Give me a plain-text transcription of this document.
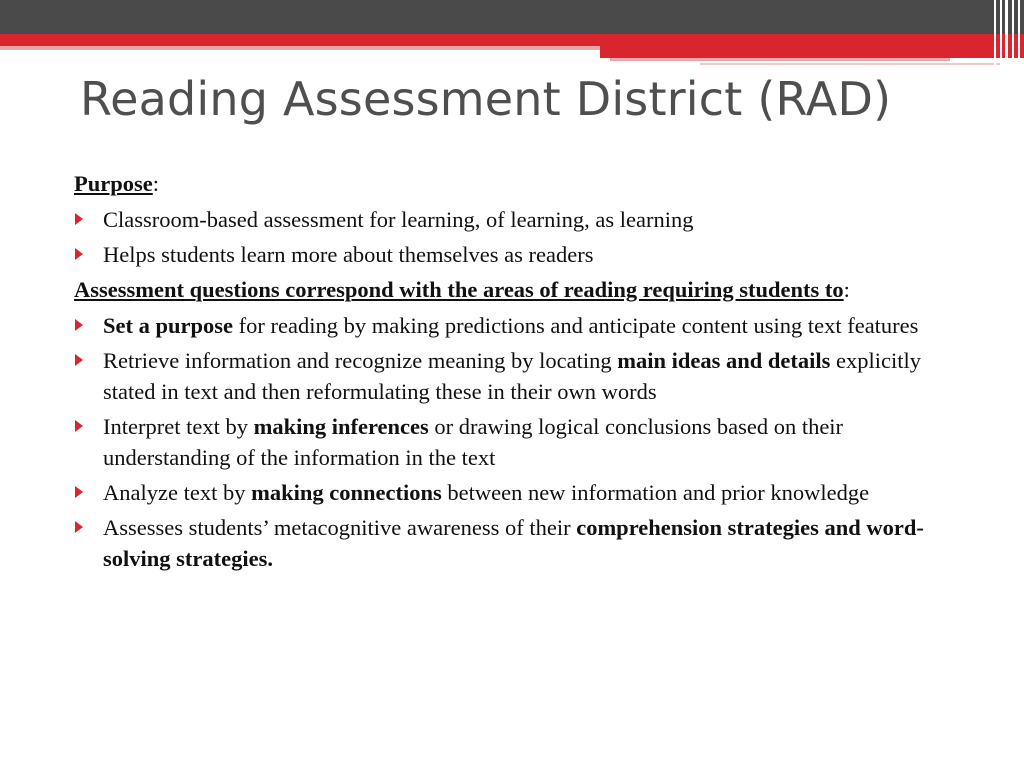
Reading Assessment District (RAD)

Purpose:

Classroom-based assessment for learning, of learning, as learning
Helps students learn more about themselves as readers

Assessment questions correspond with the areas of reading requiring students to:

Set a purpose for reading by making predictions and anticipate content using text features
Retrieve information and recognize meaning by locating main ideas and details explicitly stated in text and then reformulating these in their own words
Interpret text by making inferences or drawing logical conclusions based on their understanding of the information in the text
Analyze text by making connections between new information and prior knowledge
Assesses students’ metacognitive awareness of their comprehension strategies and word-solving strategies.
